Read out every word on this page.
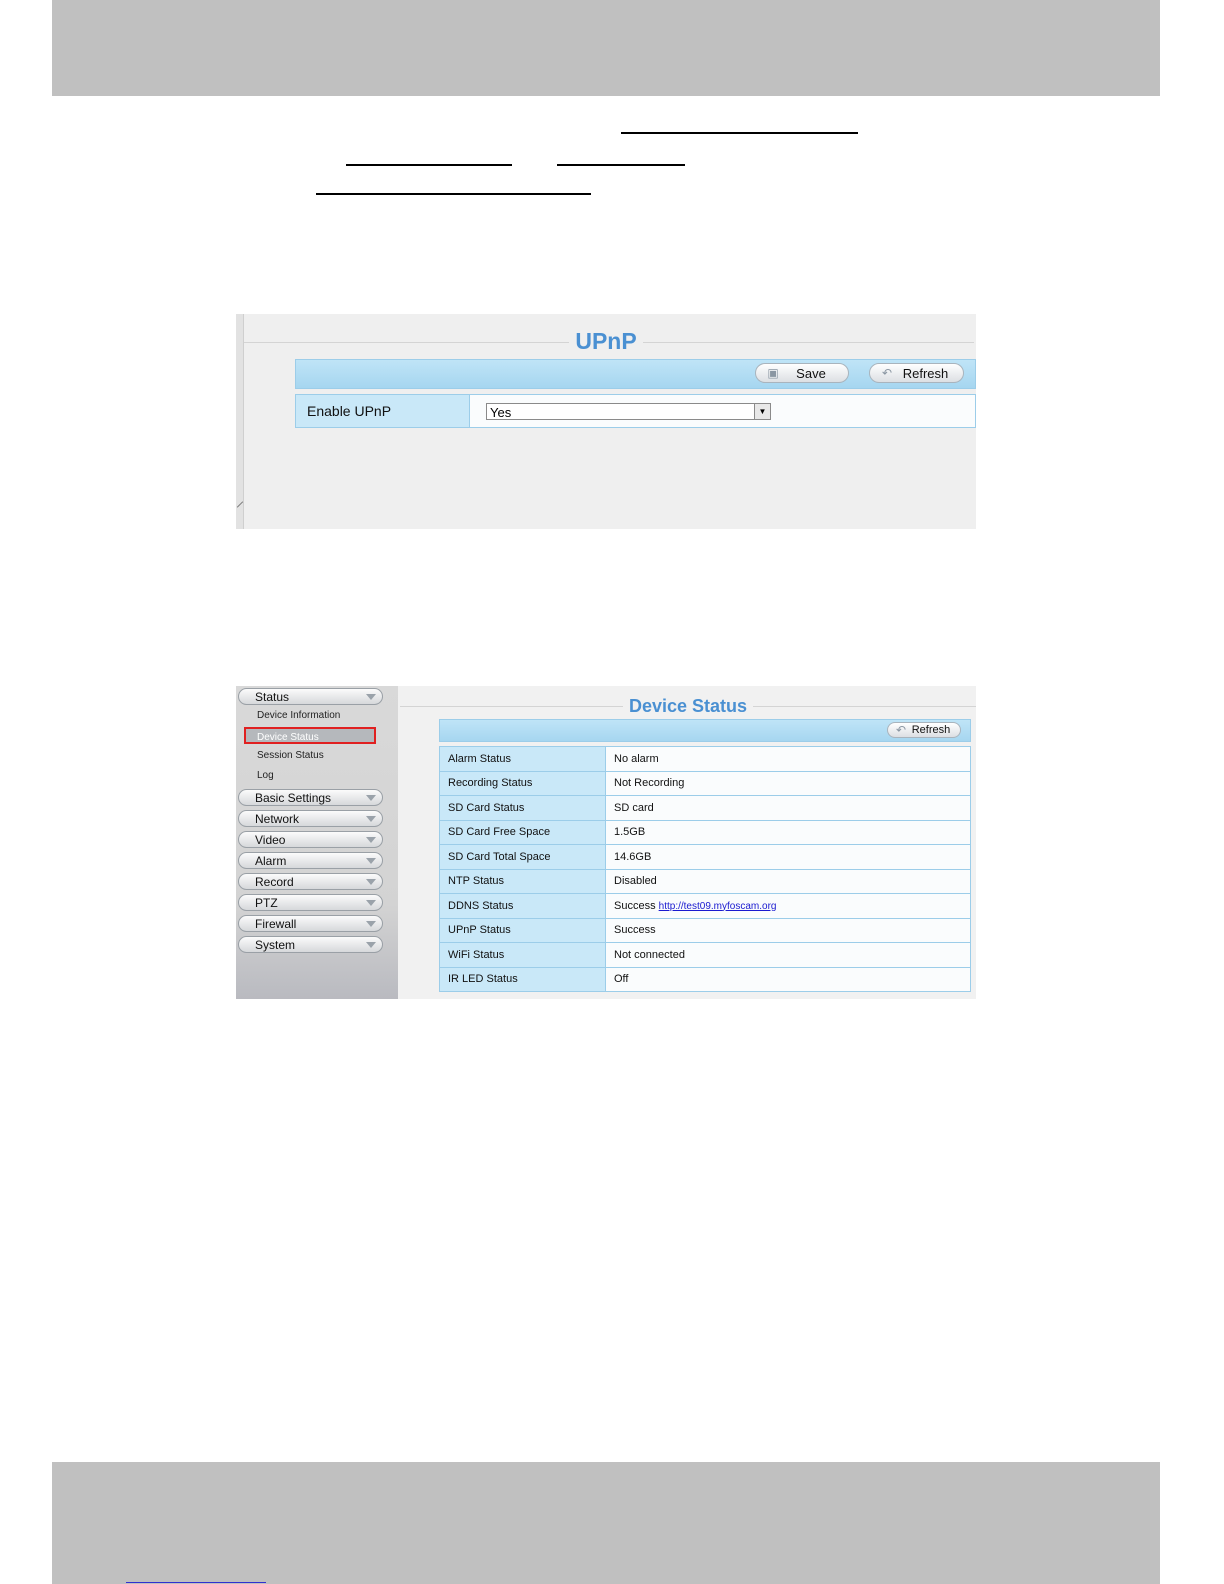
UPnP
▣	Save	↶ Refresh
Enable UPnP	Yes	▼
Status
Device Information
Device Status
Session Status
Log
Basic Settings
Network
Video
Alarm
Record
PTZ
Firewall
System
Device Status
↶ Refresh
Alarm Status	No alarm
Recording Status	Not Recording
SD Card Status	SD card
SD Card Free Space	1.5GB
SD Card Total Space	14.6GB
NTP Status	Disabled
DDNS Status	Success http://test09.myfoscam.org
UPnP Status	Success
WiFi Status	Not connected
IR LED Status	Off
